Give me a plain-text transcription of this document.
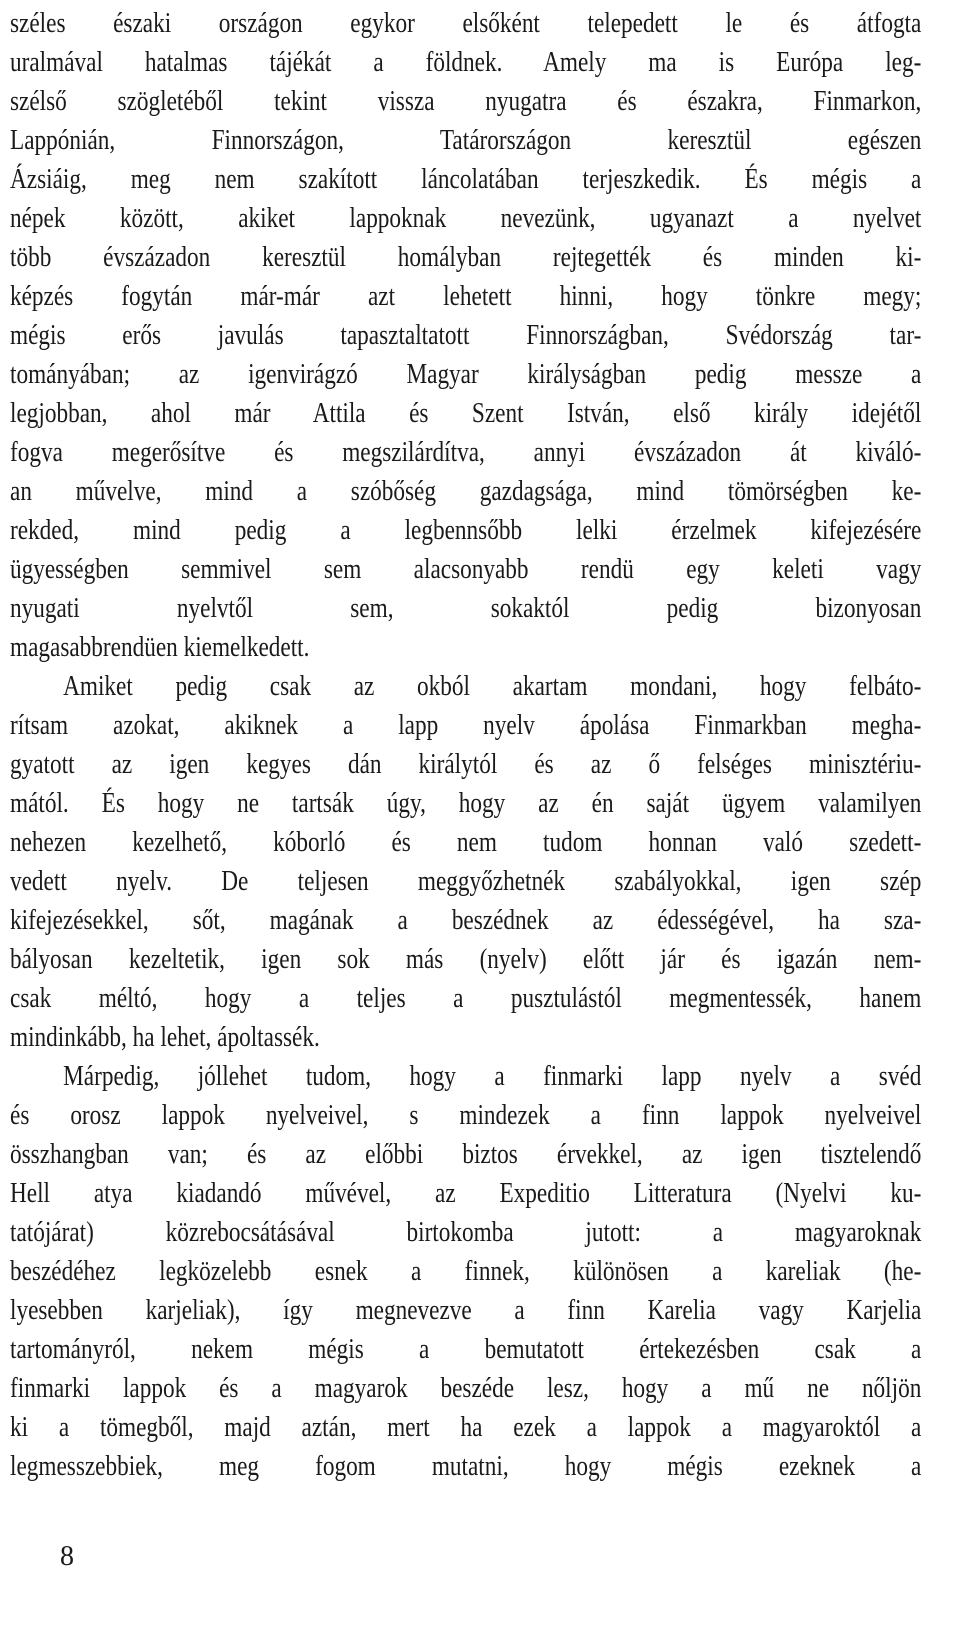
széles északi országon egykor elsőként telepedett le és átfogta
uralmával hatalmas tájékát a földnek. Amely ma is Európa leg-
szélső szögletéből tekint vissza nyugatra és északra, Finmarkon,
Lappónián, Finnországon, Tatárországon keresztül egészen
Ázsiáig, meg nem szakított láncolatában terjeszkedik. És mégis a
népek között, akiket lappoknak nevezünk, ugyanazt a nyelvet
több évszázadon keresztül homályban rejtegették és minden ki-
képzés fogytán már-már azt lehetett hinni, hogy tönkre megy;
mégis erős javulás tapasztaltatott Finnországban, Svédország tar-
tományában; az igenvirágzó Magyar királyságban pedig messze a
legjobban, ahol már Attila és Szent István, első király idejétől
fogva megerősítve és megszilárdítva, annyi évszázadon át kiváló-
an művelve, mind a szóbőség gazdagsága, mind tömörségben ke-
rekded, mind pedig a legbennsőbb lelki érzelmek kifejezésére
ügyességben semmivel sem alacsonyabb rendü egy keleti vagy
nyugati nyelvtől sem, sokaktól pedig bizonyosan
magasabbrendüen kiemelkedett.
Amiket pedig csak az okból akartam mondani, hogy felbáto-
rítsam azokat, akiknek a lapp nyelv ápolása Finmarkban megha-
gyatott az igen kegyes dán királytól és az ő felséges minisztériu-
mától. És hogy ne tartsák úgy, hogy az én saját ügyem valamilyen
nehezen kezelhető, kóborló és nem tudom honnan való szedett-
vedett nyelv. De teljesen meggyőzhetnék szabályokkal, igen szép
kifejezésekkel, sőt, magának a beszédnek az édességével, ha sza-
bályosan kezeltetik, igen sok más (nyelv) előtt jár és igazán nem-
csak méltó, hogy a teljes a pusztulástól megmentessék, hanem
mindinkább, ha lehet, ápoltassék.
Márpedig, jóllehet tudom, hogy a finmarki lapp nyelv a svéd
és orosz lappok nyelveivel, s mindezek a finn lappok nyelveivel
összhangban van; és az előbbi biztos érvekkel, az igen tisztelendő
Hell atya kiadandó művével, az Expeditio Litteratura (Nyelvi ku-
tatójárat) közrebocsátásával birtokomba jutott: a magyaroknak
beszédéhez legközelebb esnek a finnek, különösen a kareliak (he-
lyesebben karjeliak), így megnevezve a finn Karelia vagy Karjelia
tartományról, nekem mégis a bemutatott értekezésben csak a
finmarki lappok és a magyarok beszéde lesz, hogy a mű ne nőljön
ki a tömegből, majd aztán, mert ha ezek a lappok a magyaroktól a
legmesszebbiek, meg fogom mutatni, hogy mégis ezeknek a
8
